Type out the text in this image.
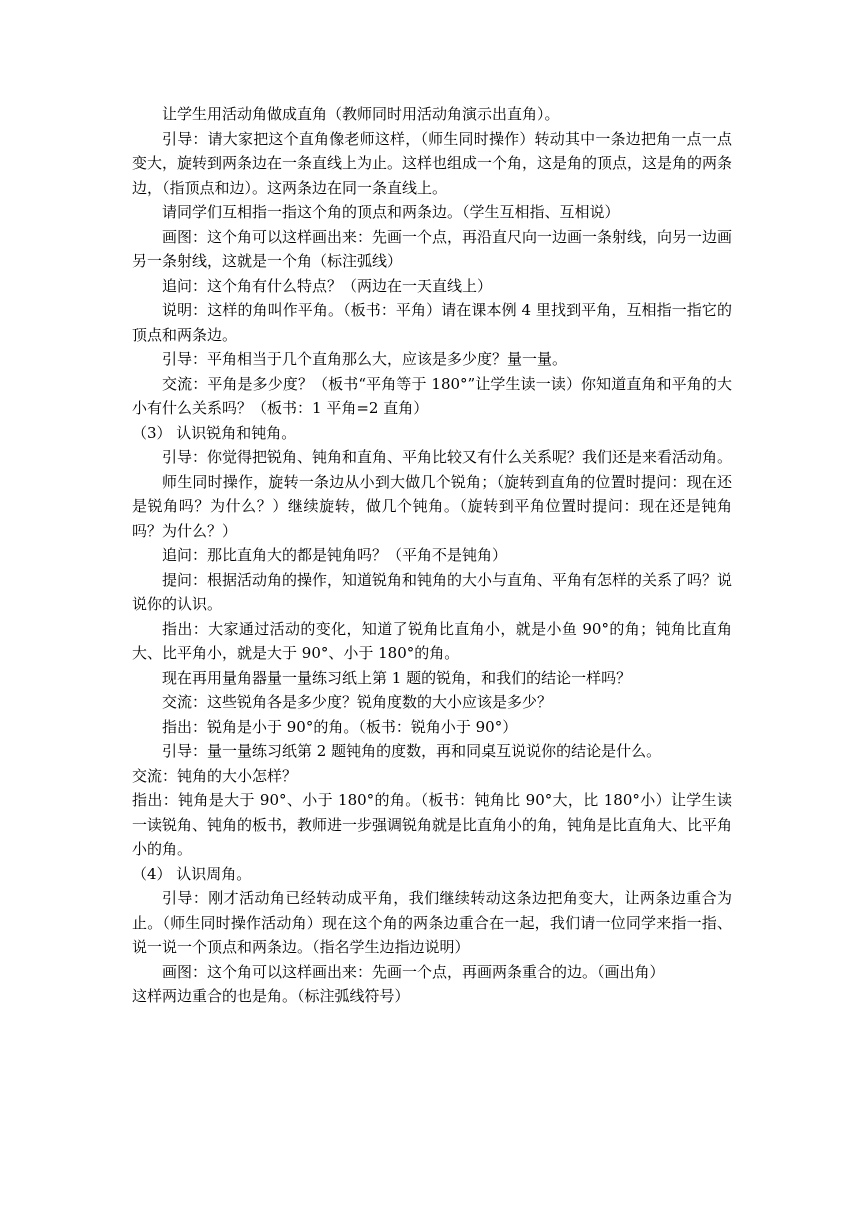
让学生用活动角做成直角（教师同时用活动角演示出直角）。

引导：请大家把这个直角像老师这样，（师生同时操作）转动其中一条边把角一点一点变大，旋转到两条边在一条直线上为止。这样也组成一个角，这是角的顶点，这是角的两条边，（指顶点和边）。这两条边在同一条直线上。

请同学们互相指一指这个角的顶点和两条边。（学生互相指、互相说）

画图：这个角可以这样画出来：先画一个点，再沿直尺向一边画一条射线，向另一边画另一条射线，这就是一个角（标注弧线）

追问：这个角有什么特点？（两边在一天直线上）

说明：这样的角叫作平角。（板书：平角）请在课本例 4 里找到平角，互相指一指它的顶点和两条边。

引导：平角相当于几个直角那么大，应该是多少度？量一量。

交流：平角是多少度？（板书“平角等于 180°”让学生读一读）你知道直角和平角的大小有什么关系吗？（板书：1 平角=2 直角）

（3） 认识锐角和钝角。

引导：你觉得把锐角、钝角和直角、平角比较又有什么关系呢？我们还是来看活动角。

师生同时操作，旋转一条边从小到大做几个锐角；（旋转到直角的位置时提问：现在还是锐角吗？为什么？）继续旋转，做几个钝角。（旋转到平角位置时提问：现在还是钝角吗？为什么？）

追问：那比直角大的都是钝角吗？（平角不是钝角）

提问：根据活动角的操作，知道锐角和钝角的大小与直角、平角有怎样的关系了吗？说说你的认识。

指出：大家通过活动的变化，知道了锐角比直角小，就是小鱼 90°的角；钝角比直角大、比平角小，就是大于 90°、小于 180°的角。

现在再用量角器量一量练习纸上第 1 题的锐角，和我们的结论一样吗？

交流：这些锐角各是多少度？锐角度数的大小应该是多少？

指出：锐角是小于 90°的角。（板书：锐角小于 90°）

引导：量一量练习纸第 2 题钝角的度数，再和同桌互说说你的结论是什么。

交流：钝角的大小怎样？

指出：钝角是大于 90°、小于 180°的角。（板书：钝角比 90°大，比 180°小）让学生读一读锐角、钝角的板书，教师进一步强调锐角就是比直角小的角，钝角是比直角大、比平角小的角。

（4） 认识周角。

引导：刚才活动角已经转动成平角，我们继续转动这条边把角变大，让两条边重合为止。（师生同时操作活动角）现在这个角的两条边重合在一起，我们请一位同学来指一指、说一说一个顶点和两条边。（指名学生边指边说明）

画图：这个角可以这样画出来：先画一个点，再画两条重合的边。（画出角）

这样两边重合的也是角。（标注弧线符号）
